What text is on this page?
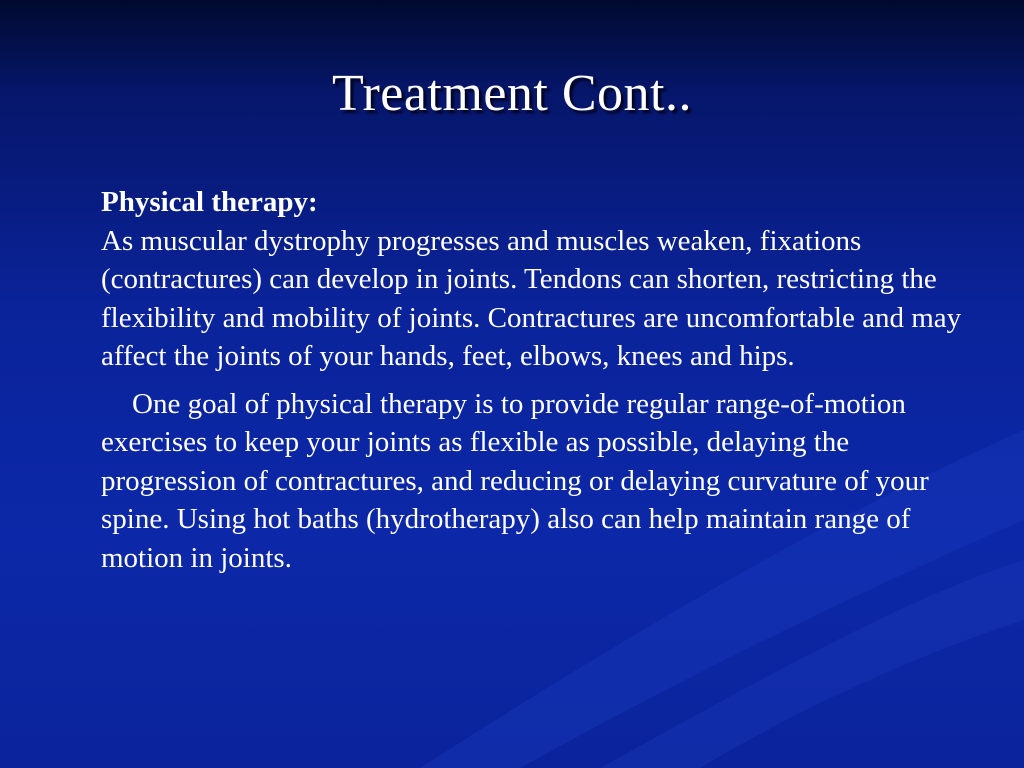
Treatment Cont..

Physical therapy:
As muscular dystrophy progresses and muscles weaken, fixations (contractures) can develop in joints. Tendons can shorten, restricting the flexibility and mobility of joints. Contractures are uncomfortable and may affect the joints of your hands, feet, elbows, knees and hips.

One goal of physical therapy is to provide regular range-of-motion exercises to keep your joints as flexible as possible, delaying the progression of contractures, and reducing or delaying curvature of your spine. Using hot baths (hydrotherapy) also can help maintain range of motion in joints.
